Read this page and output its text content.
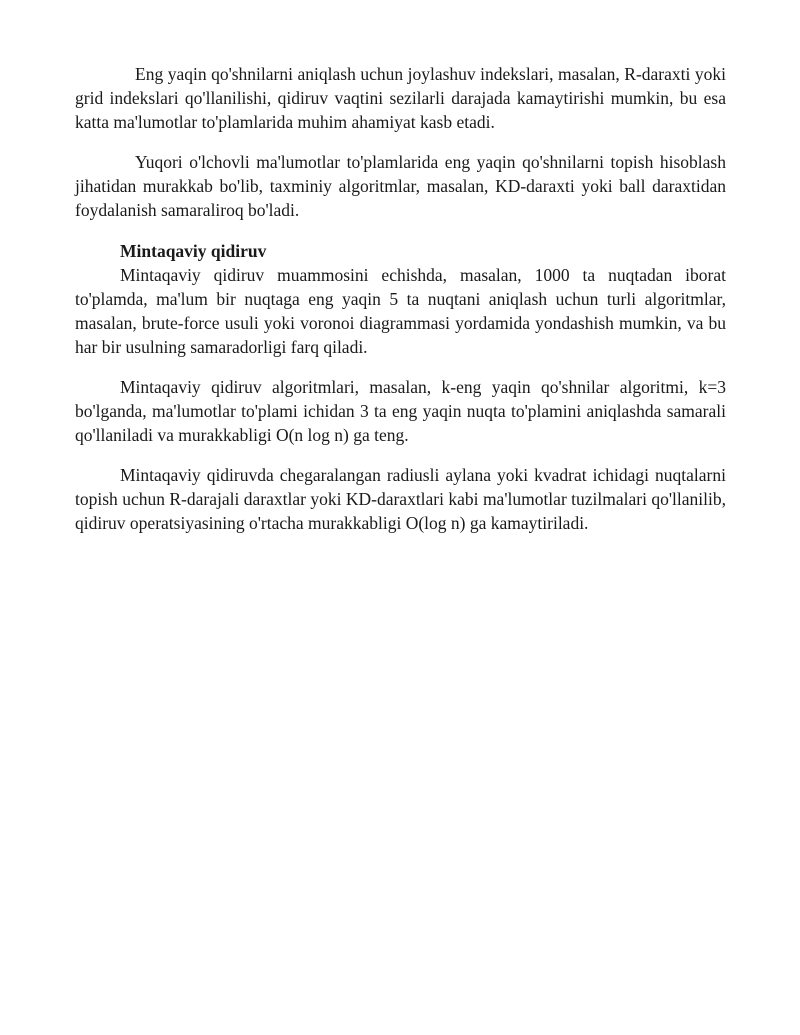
Eng yaqin qo'shnilarni aniqlash uchun joylashuv indekslari, masalan, R-daraxti yoki grid indekslari qo'llanilishi, qidiruv vaqtini sezilarli darajada kamaytirishi mumkin, bu esa katta ma'lumotlar to'plamlarida muhim ahamiyat kasb etadi.

Yuqori o'lchovli ma'lumotlar to'plamlarida eng yaqin qo'shnilarni topish hisoblash jihatidan murakkab bo'lib, taxminiy algoritmlar, masalan, KD-daraxti yoki ball daraxtidan foydalanish samaraliroq bo'ladi.

Mintaqaviy qidiruv

Mintaqaviy qidiruv muammosini echishda, masalan, 1000 ta nuqtadan iborat to'plamda, ma'lum bir nuqtaga eng yaqin 5 ta nuqtani aniqlash uchun turli algoritmlar, masalan, brute-force usuli yoki voronoi diagrammasi yordamida yondashish mumkin, va bu har bir usulning samaradorligi farq qiladi.

Mintaqaviy qidiruv algoritmlari, masalan, k-eng yaqin qo'shnilar algoritmi, k=3 bo'lganda, ma'lumotlar to'plami ichidan 3 ta eng yaqin nuqta to'plamini aniqlashda samarali qo'llaniladi va murakkabligi O(n log n) ga teng.

Mintaqaviy qidiruvda chegaralangan radiusli aylana yoki kvadrat ichidagi nuqtalarni topish uchun R-darajali daraxtlar yoki KD-daraxtlari kabi ma'lumotlar tuzilmalari qo'llanilib, qidiruv operatsiyasining o'rtacha murakkabligi O(log n) ga kamaytiriladi.
